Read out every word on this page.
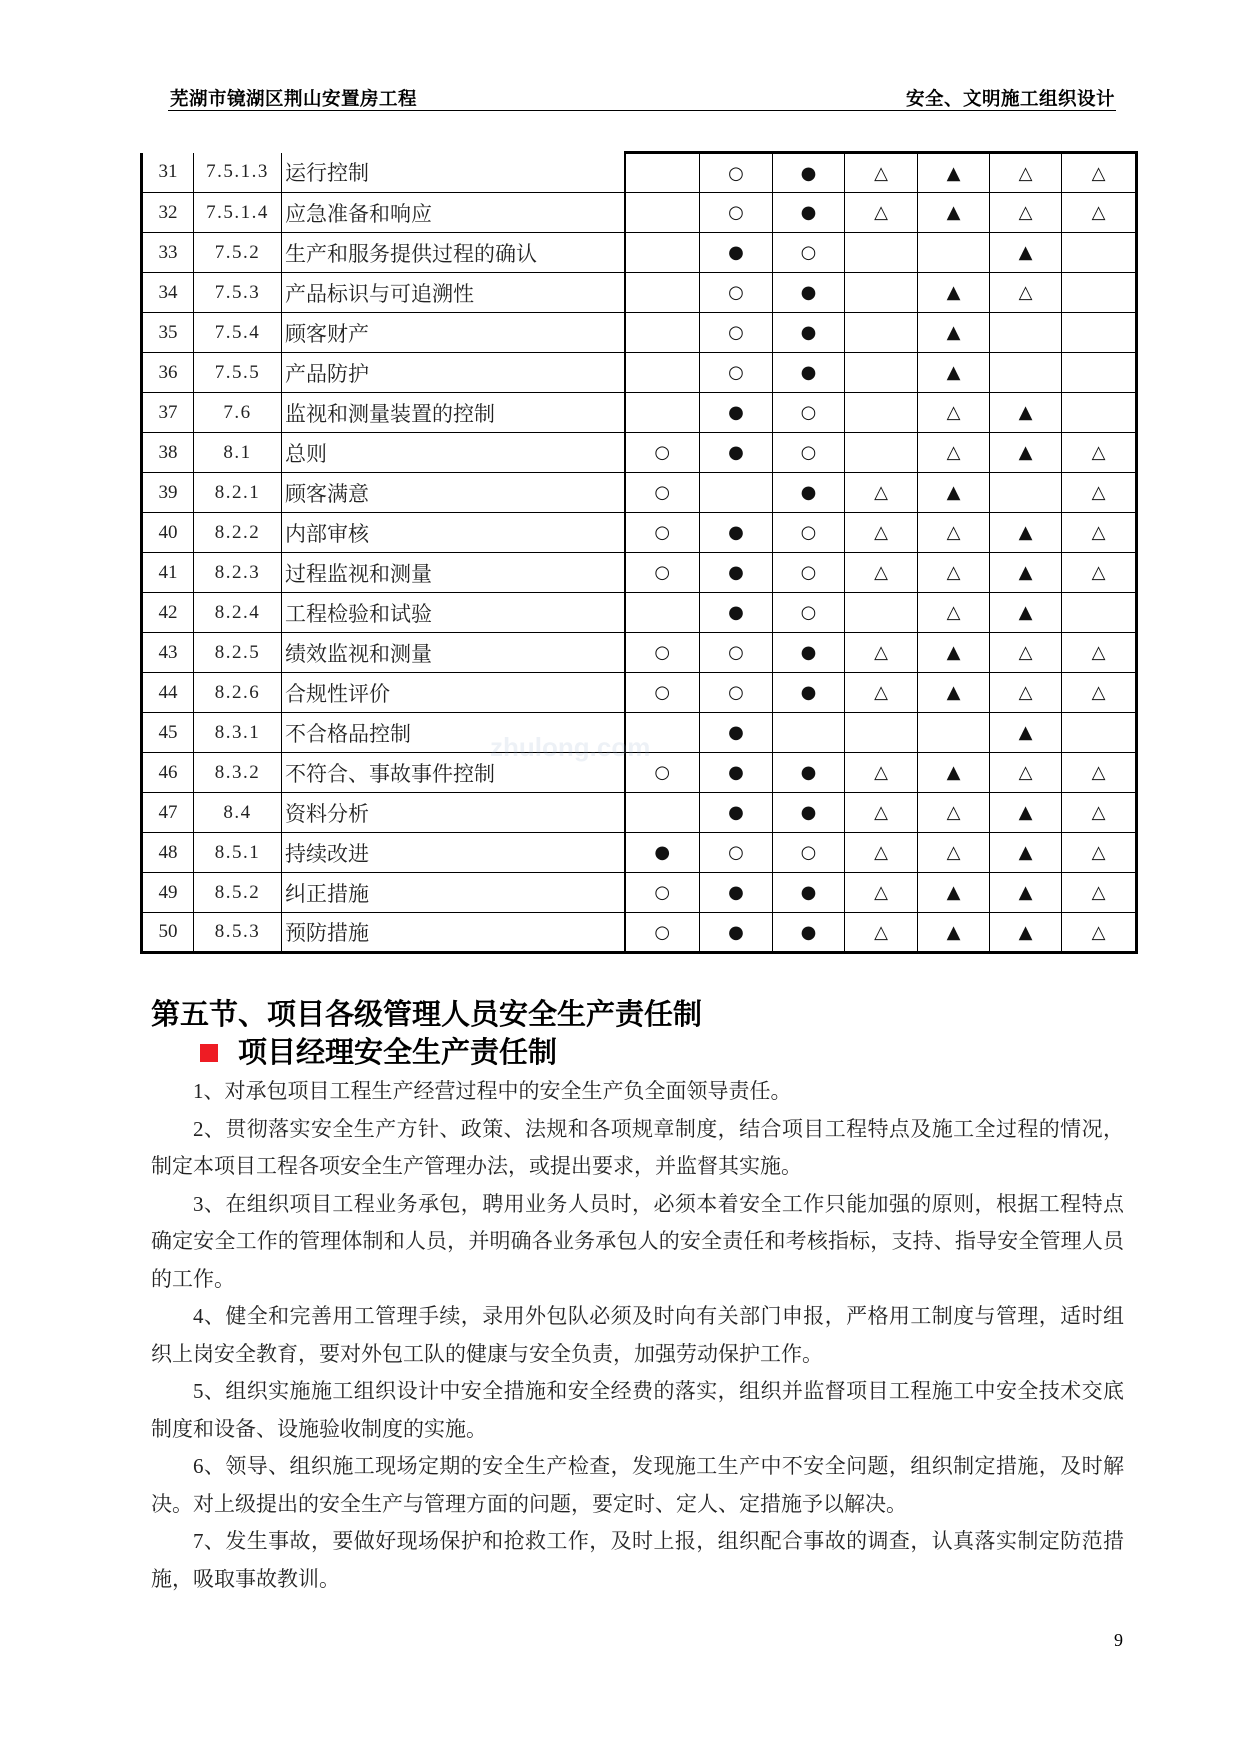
芜湖市镜湖区荆山安置房工程	安全、文明施工组织设计
31	7.5.1.3	运行控制		○	●	△	▲	△	△
32	7.5.1.4	应急准备和响应		○	●	△	▲	△	△
33	7.5.2	生产和服务提供过程的确认		●	○			▲	
34	7.5.3	产品标识与可追溯性		○	●		▲	△	
35	7.5.4	顾客财产		○	●		▲		
36	7.5.5	产品防护		○	●		▲		
37	7.6	监视和测量装置的控制		●	○		△	▲	
38	8.1	总则	○	●	○		△	▲	△
39	8.2.1	顾客满意	○		●	△	▲		△
40	8.2.2	内部审核	○	●	○	△	△	▲	△
41	8.2.3	过程监视和测量	○	●	○	△	△	▲	△
42	8.2.4	工程检验和试验		●	○		△	▲	
43	8.2.5	绩效监视和测量	○	○	●	△	▲	△	△
44	8.2.6	合规性评价	○	○	●	△	▲	△	△
45	8.3.1	不合格品控制		●				▲	
46	8.3.2	不符合、事故事件控制	○	●	●	△	▲	△	△
47	8.4	资料分析		●	●	△	△	▲	△
48	8.5.1	持续改进	●	○	○	△	△	▲	△
49	8.5.2	纠正措施	○	●	●	△	▲	▲	△
50	8.5.3	预防措施	○	●	●	△	▲	▲	△
zhulong.com
第五节、项目各级管理人员安全生产责任制
项目经理安全生产责任制

1、对承包项目工程生产经营过程中的安全生产负全面领导责任。

2、贯彻落实安全生产方针、政策、法规和各项规章制度，结合项目工程特点及施工全过程的情况，制定本项目工程各项安全生产管理办法，或提出要求，并监督其实施。

3、在组织项目工程业务承包，聘用业务人员时，必须本着安全工作只能加强的原则，根据工程特点确定安全工作的管理体制和人员，并明确各业务承包人的安全责任和考核指标，支持、指导安全管理人员的工作。

4、健全和完善用工管理手续，录用外包队必须及时向有关部门申报，严格用工制度与管理，适时组织上岗安全教育，要对外包工队的健康与安全负责，加强劳动保护工作。

5、组织实施施工组织设计中安全措施和安全经费的落实，组织并监督项目工程施工中安全技术交底制度和设备、设施验收制度的实施。

6、领导、组织施工现场定期的安全生产检查，发现施工生产中不安全问题，组织制定措施，及时解决。对上级提出的安全生产与管理方面的问题，要定时、定人、定措施予以解决。

7、发生事故，要做好现场保护和抢救工作，及时上报，组织配合事故的调查，认真落实制定防范措施，吸取事故教训。

9
